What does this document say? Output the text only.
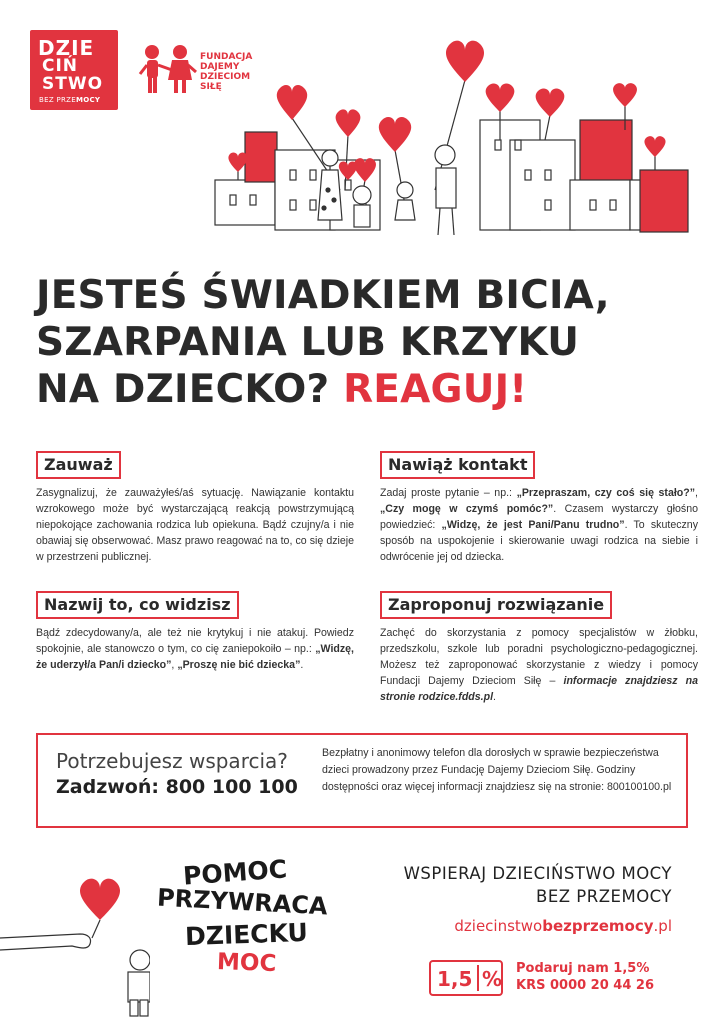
DZIE
CIŃ
STWO
BEZ PRZEMOCY
FUNDACJA
DAJEMY
DZIECIOM
SIŁĘ
JESTEŚ ŚWIADKIEM BICIA,
SZARPANIA LUB KRZYKU
NA DZIECKO? REAGUJ!
Zauważ

Zasygnalizuj, że zauważyłeś/aś sytuację. Nawiązanie kontaktu wzrokowego może być wystarczającą reakcją powstrzymującą niepokojące zachowania rodzica lub opiekuna. Bądź czujny/a i nie obawiaj się obserwować. Masz prawo reagować na to, co się dzieje w przestrzeni publicznej.

Nawiąż kontakt

Zadaj proste pytanie – np.: „Przepraszam, czy coś się stało?”, „Czy mogę w czymś pomóc?”. Czasem wystarczy głośno powiedzieć: „Widzę, że jest Pani/Panu trudno”. To skuteczny sposób na uspokojenie i skierowanie uwagi rodzica na siebie i odwrócenie jej od dziecka.

Nazwij to, co widzisz

Bądź zdecydowany/a, ale też nie krytykuj i nie atakuj. Powiedz spokojnie, ale stanowczo o tym, co cię zaniepokoiło – np.: „Widzę, że uderzył/a Pan/i dziecko”, „Proszę nie bić dziecka”.

Zaproponuj rozwiązanie

Zachęć do skorzystania z pomocy specjalistów w żłobku, przedszkolu, szkole lub poradni psychologiczno-pedagogicznej. Możesz też zaproponować skorzystanie z wiedzy i pomocy Fundacji Dajemy Dzieciom Siłę – informacje znajdziesz na stronie rodzice.fdds.pl.

Potrzebujesz wsparcia?
Zadzwoń: 800 100 100

Bezpłatny i anonimowy telefon dla dorosłych w sprawie bezpieczeństwa dzieci prowadzony przez Fundację Dajemy Dzieciom Siłę. Godziny dostępności oraz więcej informacji znajdziesz się na stronie: 800100100.pl

POMOC
PRZYWRACA
DZIECKU
MOC
WSPIERAJ DZIECIŃSTWO MOCY
BEZ PRZEMOCY
dziecinstwobezprzemocy.pl
1,5 % Podaruj nam 1,5%
KRS 0000 20 44 26
